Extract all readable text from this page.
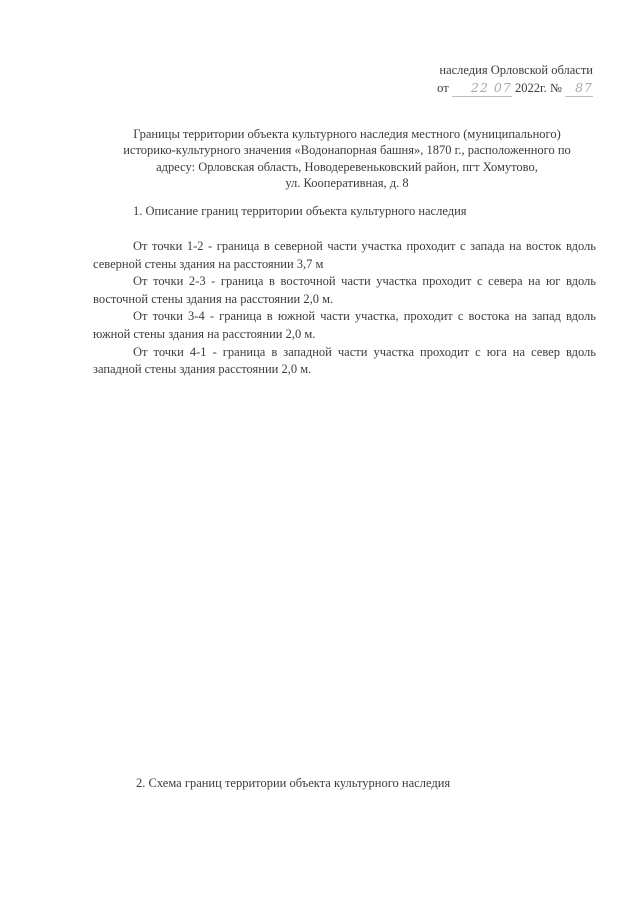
наследия Орловской области
от 22 07 2022г. № 87
Границы территории объекта культурного наследия местного (муниципального)
историко-культурного значения «Водонапорная башня», 1870 г., расположенного по
адресу: Орловская область, Новодеревеньковский район, пгт Хомутово,
ул. Кооперативная, д. 8
1. Описание границ территории объекта культурного наследия

От точки 1-2 - граница в северной части участка проходит с запада на восток вдоль северной стены здания на расстоянии 3,7 м

От точки 2-3 - граница в восточной части участка проходит с севера на юг вдоль восточной стены здания на расстоянии 2,0 м.

От точки 3-4 - граница в южной части участка, проходит с востока на запад вдоль южной стены здания на расстоянии 2,0 м.

От точки 4-1 - граница в западной части участка проходит с юга на север вдоль западной стены здания расстоянии 2,0 м.

2. Схема границ территории объекта культурного наследия
